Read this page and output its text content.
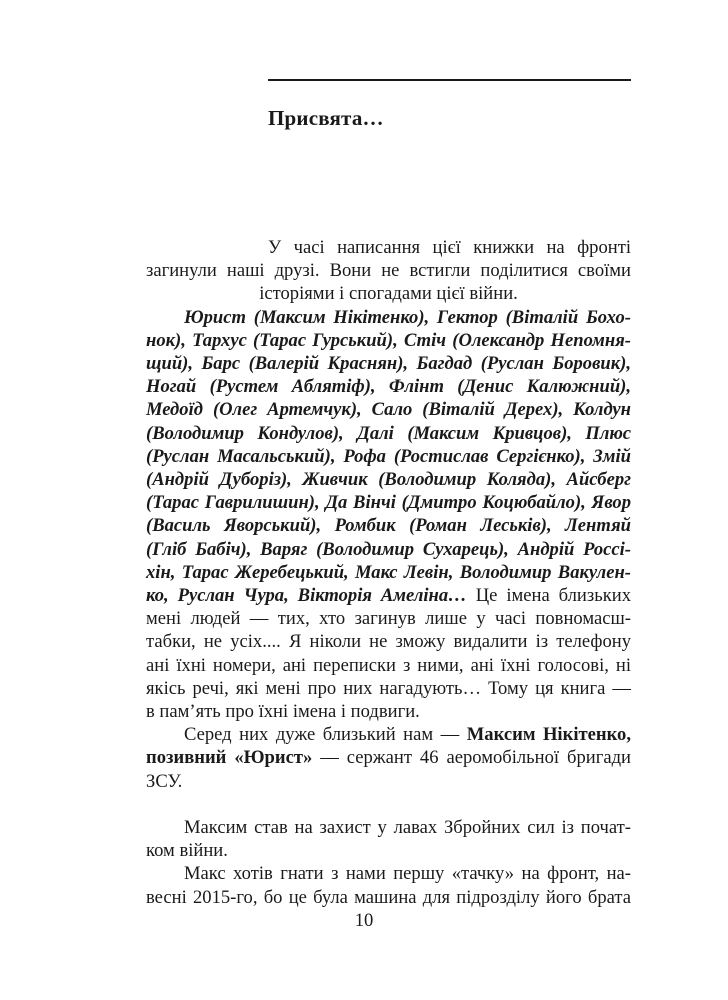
Присвята…
У часі написання цієї книжки на фронті
загинули наші друзі. Вони не встигли поділитися своїми
історіями і спогадами цієї війни.
Юрист (Максим Нікітенко), Гектор (Віталій Бохо-
нок), Тархус (Тарас Гурський), Стіч (Олександр Непомня-
щий), Барс (Валерій Краснян), Багдад (Руслан Боровик),
Ногай (Рустем Аблятіф), Флінт (Денис Калюжний),
Медоїд (Олег Артемчук), Сало (Віталій Дерех), Колдун
(Володимир Кондулов), Далі (Максим Кривцов), Плюс
(Руслан Масальський), Рофа (Ростислав Сергієнко), Змій
(Андрій Дуборіз), Живчик (Володимир Коляда), Айсберг
(Тарас Гаврилишин), Да Вінчі (Дмитро Коцюбайло), Явор
(Василь Яворський), Ромбик (Роман Леськів), Лентяй
(Гліб Бабіч), Варяг (Володимир Сухарець), Андрій Россі-
хін, Тарас Жеребецький, Макс Левін, Володимир Вакулен-
ко, Руслан Чура, Вікторія Амеліна… Це імена близьких
мені людей — тих, хто загинув лише у часі повномасш-
табки, не усіх.... Я ніколи не зможу видалити із телефону
ані їхні номери, ані переписки з ними, ані їхні голосові, ні
якісь речі, які мені про них нагадують… Тому ця книга —
в пам’ять про їхні імена і подвиги.
Серед них дуже близький нам — Максим Нікітенко,
позивний «Юрист» — сержант 46 аеромобільної бригади
ЗСУ.
Максим став на захист у лавах Збройних сил із почат-
ком війни.
Макс хотів гнати з нами першу «тачку» на фронт, на-
весні 2015-го, бо це була машина для підрозділу його брата
10
